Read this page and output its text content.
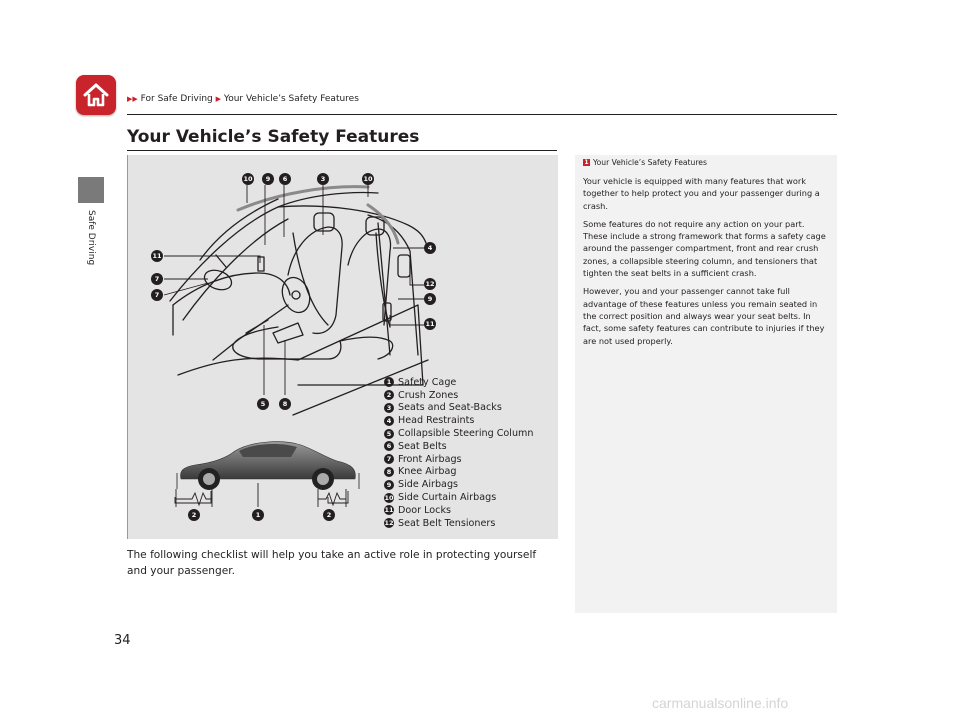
▶▶ For Safe Driving ▶ Your Vehicle’s Safety Features
Safe Driving
Your Vehicle’s Safety Features
10	9	6	3	10
11
7
7
4
12
9
11
5	8
2	1	2
1 Safety Cage
2 Crush Zones
3 Seats and Seat-Backs
4 Head Restraints
5 Collapsible Steering Column
6 Seat Belts
7 Front Airbags
8 Knee Airbag
9 Side Airbags
10 Side Curtain Airbags
11 Door Locks
12 Seat Belt Tensioners
The following checklist will help you take an active role in protecting yourself and your passenger.
1 Your Vehicle’s Safety Features

Your vehicle is equipped with many features that work together to help protect you and your passenger during a crash.

Some features do not require any action on your part. These include a strong framework that forms a safety cage around the passenger compartment, front and rear crush zones, a collapsible steering column, and tensioners that tighten the seat belts in a sufficient crash.

However, you and your passenger cannot take full advantage of these features unless you remain seated in the correct position and always wear your seat belts. In fact, some safety features can contribute to injuries if they are not used properly.

34
carmanualsonline.info
